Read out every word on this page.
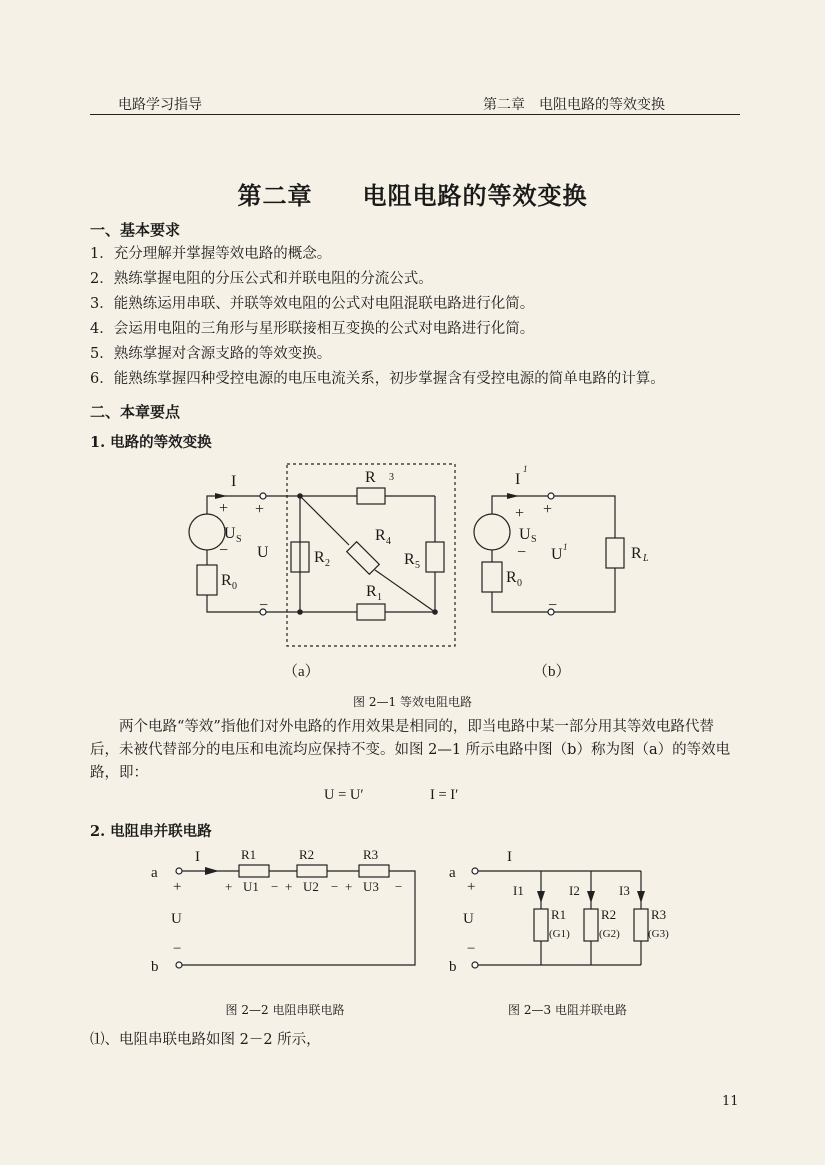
电路学习指导	第二章　电阻电路的等效变换
第二章　　电阻电路的等效变换
一、基本要求
1．充分理解并掌握等效电路的概念。
2．熟练掌握电阻的分压公式和并联电阻的分流公式。
3．能熟练运用串联、并联等效电阻的公式对电阻混联电路进行化简。
4．会运用电阻的三角形与星形联接相互变换的公式对电路进行化简。
5．熟练掌握对含源支路的等效变换。
6．能熟练掌握四种受控电源的电压电流关系，初步掌握含有受控电源的简单电路的计算。
二、本章要点
1. 电路的等效变换
I
+ +
U S
− U
R 0
−
R 3
R 4
R 2	R 5
R 1
I
1
+ +
U S
− U 1
R 0
−
R L
（a）	（b）
图 2—1 等效电阻电路
两个电路“等效”指他们对外电路的作用效果是相同的，即当电路中某一部分用其等效电路代替后，未被代替部分的电压和电流均应保持不变。如图 2—1 所示电路中图（b）称为图（a）的等效电路，即：
U = U′	I = I′
2. 电阻串并联电路
a
b
I
+
U
−
R1	R2	R3
+ U1 − + U2 − + U3 −
a
b
I
+
U
−
I1	I2	I3
R1	R2	R3
(G1)	(G2)	(G3)
图 2—2 电阻串联电路	图 2—3 电阻并联电路
⑴、电阻串联电路如图 2－2 所示，
11
